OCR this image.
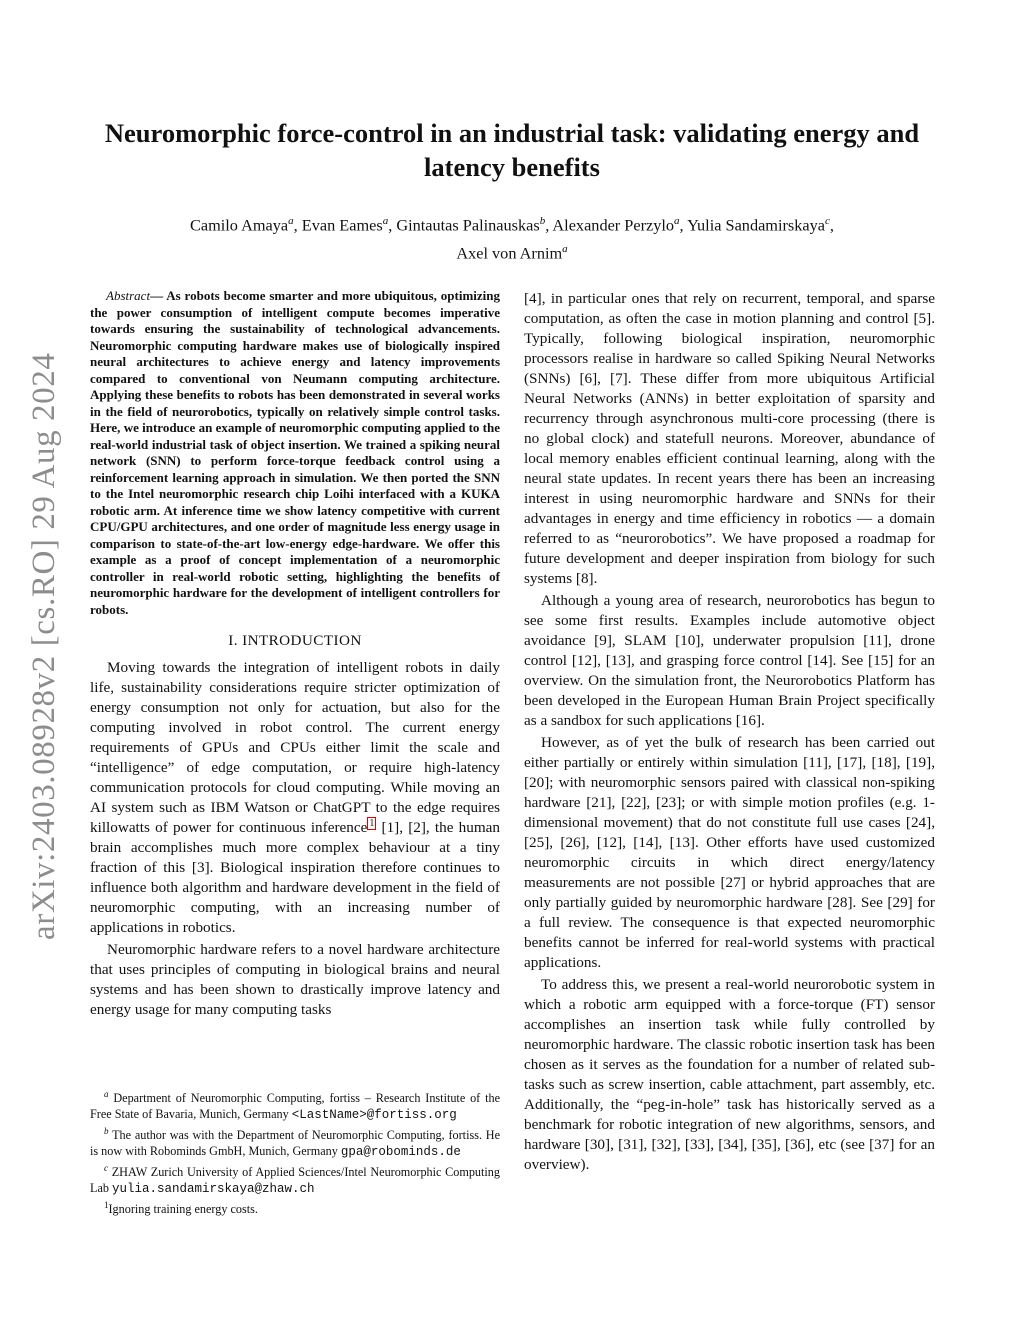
arXiv:2403.08928v2 [cs.RO] 29 Aug 2024
Neuromorphic force-control in an industrial task: validating energy and latency benefits
Camilo Amaya$^a$, Evan Eames$^a$, Gintautas Palinauskas$^b$, Alexander Perzylo$^a$, Yulia Sandamirskaya$^c$,
Axel von Arnim$^a$

Abstract— As robots become smarter and more ubiquitous, optimizing the power consumption of intelligent compute becomes imperative towards ensuring the sustainability of technological advancements. Neuromorphic computing hardware makes use of biologically inspired neural architectures to achieve energy and latency improvements compared to conventional von Neumann computing architecture. Applying these benefits to robots has been demonstrated in several works in the field of neurorobotics, typically on relatively simple control tasks. Here, we introduce an example of neuromorphic computing applied to the real-world industrial task of object insertion. We trained a spiking neural network (SNN) to perform force-torque feedback control using a reinforcement learning approach in simulation. We then ported the SNN to the Intel neuromorphic research chip Loihi interfaced with a KUKA robotic arm. At inference time we show latency competitive with current CPU/GPU architectures, and one order of magnitude less energy usage in comparison to state-of-the-art low-energy edge-hardware. We offer this example as a proof of concept implementation of a neuromorphic controller in real-world robotic setting, highlighting the benefits of neuromorphic hardware for the development of intelligent controllers for robots.

I. INTRODUCTION

Moving towards the integration of intelligent robots in daily life, sustainability considerations require stricter optimization of energy consumption not only for actuation, but also for the computing involved in robot control. The current energy requirements of GPUs and CPUs either limit the scale and “intelligence” of edge computation, or require high-latency communication protocols for cloud computing. While moving an AI system such as IBM Watson or ChatGPT to the edge requires killowatts of power for continuous inference $^1$ [1], [2], the human brain accomplishes much more complex behaviour at a tiny fraction of this [3]. Biological inspiration therefore continues to influence both algorithm and hardware development in the field of neuromorphic computing, with an increasing number of applications in robotics.

Neuromorphic hardware refers to a novel hardware architecture that uses principles of computing in biological brains and neural systems and has been shown to drastically improve latency and energy usage for many computing tasks

$^a$ Department of Neuromorphic Computing, fortiss – Research Institute of the Free State of Bavaria, Munich, Germany <LastName>@fortiss.org

$^b$ The author was with the Department of Neuromorphic Computing, fortiss. He is now with Robominds GmbH, Munich, Germany gpa@robominds.de

$^c$ ZHAW Zurich University of Applied Sciences/Intel Neuromorphic Computing Lab yulia.sandamirskaya@zhaw.ch

$^1$Ignoring training energy costs.

[4], in particular ones that rely on recurrent, temporal, and sparse computation, as often the case in motion planning and control [5]. Typically, following biological inspiration, neuromorphic processors realise in hardware so called Spiking Neural Networks (SNNs) [6], [7]. These differ from more ubiquitous Artificial Neural Networks (ANNs) in better exploitation of sparsity and recurrency through asynchronous multi-core processing (there is no global clock) and statefull neurons. Moreover, abundance of local memory enables efficient continual learning, along with the neural state updates. In recent years there has been an increasing interest in using neuromorphic hardware and SNNs for their advantages in energy and time efficiency in robotics — a domain referred to as “neurorobotics”. We have proposed a roadmap for future development and deeper inspiration from biology for such systems [8].

Although a young area of research, neurorobotics has begun to see some first results. Examples include automotive object avoidance [9], SLAM [10], underwater propulsion [11], drone control [12], [13], and grasping force control [14]. See [15] for an overview. On the simulation front, the Neurorobotics Platform has been developed in the European Human Brain Project specifically as a sandbox for such applications [16].

However, as of yet the bulk of research has been carried out either partially or entirely within simulation [11], [17], [18], [19], [20]; with neuromorphic sensors paired with classical non-spiking hardware [21], [22], [23]; or with simple motion profiles (e.g. 1-dimensional movement) that do not constitute full use cases [24], [25], [26], [12], [14], [13]. Other efforts have used customized neuromorphic circuits in which direct energy/latency measurements are not possible [27] or hybrid approaches that are only partially guided by neuromorphic hardware [28]. See [29] for a full review. The consequence is that expected neuromorphic benefits cannot be inferred for real-world systems with practical applications.

To address this, we present a real-world neurorobotic system in which a robotic arm equipped with a force-torque (FT) sensor accomplishes an insertion task while fully controlled by neuromorphic hardware. The classic robotic insertion task has been chosen as it serves as the foundation for a number of related sub-tasks such as screw insertion, cable attachment, part assembly, etc. Additionally, the “peg-in-hole” task has historically served as a benchmark for robotic integration of new algorithms, sensors, and hardware [30], [31], [32], [33], [34], [35], [36], etc (see [37] for an overview).
